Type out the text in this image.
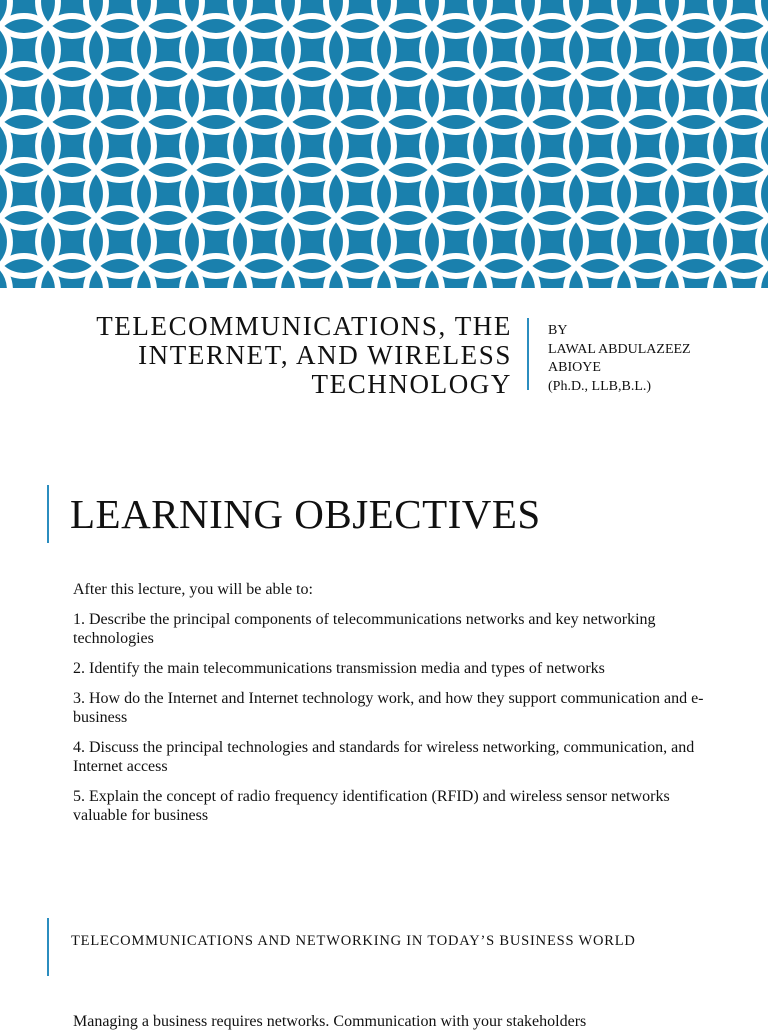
TELECOMMUNICATIONS, THE
INTERNET, AND WIRELESS
TECHNOLOGY
BY
LAWAL ABDULAZEEZ
ABIOYE
(Ph.D., LLB,B.L.)
LEARNING OBJECTIVES

After this lecture, you will be able to:

1. Describe the principal components of telecommunications networks and key networking technologies

2. Identify the main telecommunications transmission media and types of networks

3. How do the Internet and Internet technology work, and how they support communication and e-business

4. Discuss the principal technologies and standards for wireless networking, communication, and Internet access

5. Explain the concept of radio frequency identification (RFID) and wireless sensor networks valuable for business

TELECOMMUNICATIONS AND NETWORKING IN TODAY’S BUSINESS WORLD
Managing a business requires networks. Communication with your stakeholders
